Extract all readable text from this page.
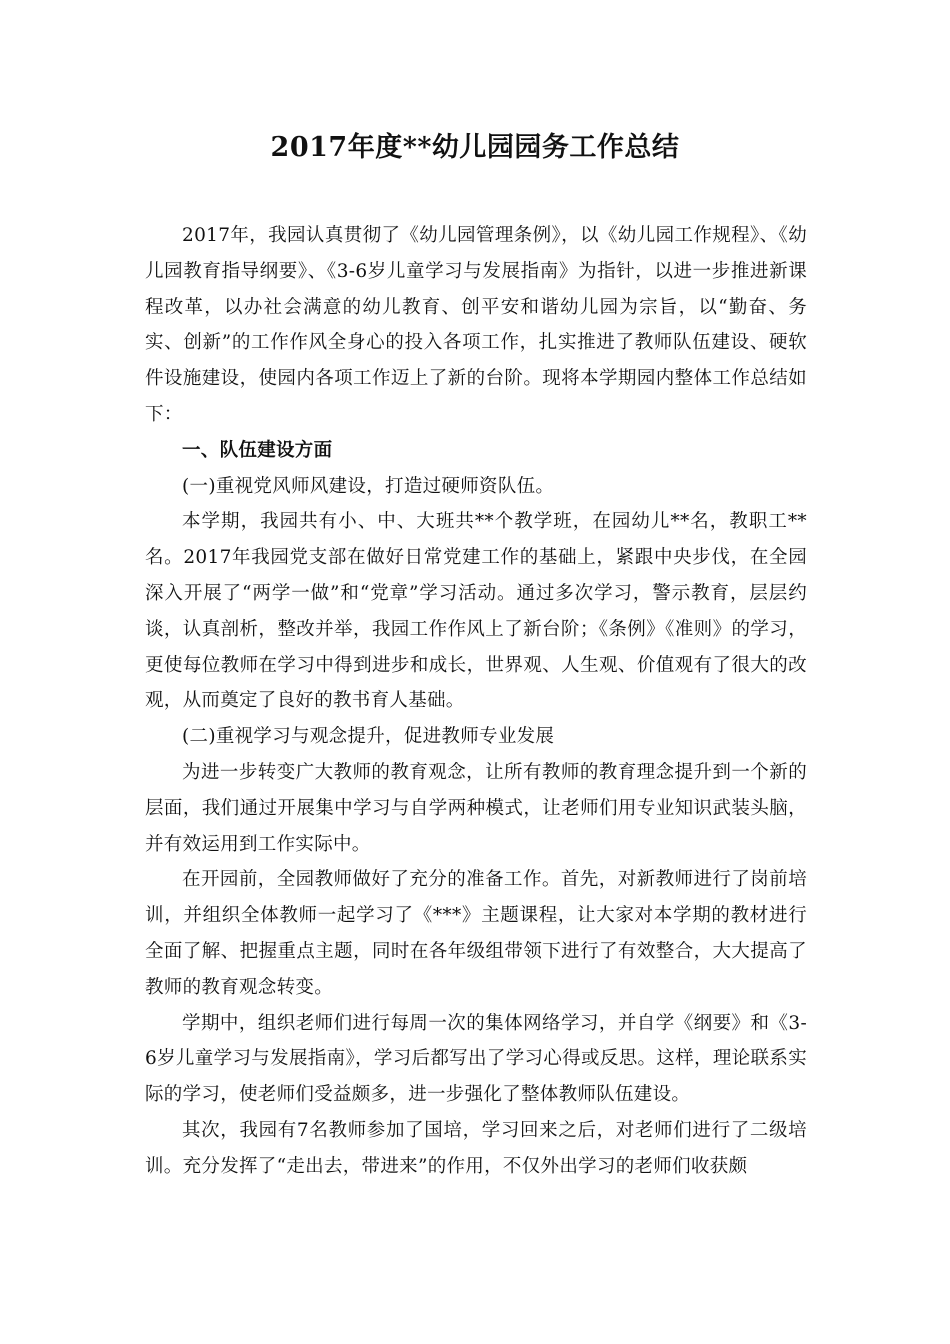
2017年度**幼儿园园务工作总结

2017年，我园认真贯彻了《幼儿园管理条例》，以《幼儿园工作规程》、《幼儿园教育指导纲要》、《3-6岁儿童学习与发展指南》为指针，以进一步推进新课程改革，以办社会满意的幼儿教育、创平安和谐幼儿园为宗旨，以“勤奋、务实、创新”的工作作风全身心的投入各项工作，扎实推进了教师队伍建设、硬软件设施建设，使园内各项工作迈上了新的台阶。现将本学期园内整体工作总结如下：

一、队伍建设方面

(一)重视党风师风建设，打造过硬师资队伍。

本学期，我园共有小、中、大班共**个教学班，在园幼儿**名，教职工**名。2017年我园党支部在做好日常党建工作的基础上，紧跟中央步伐，在全园深入开展了“两学一做”和“党章”学习活动。通过多次学习，警示教育，层层约谈，认真剖析，整改并举，我园工作作风上了新台阶；《条例》《准则》的学习，更使每位教师在学习中得到进步和成长，世界观、人生观、价值观有了很大的改观，从而奠定了良好的教书育人基础。

(二)重视学习与观念提升，促进教师专业发展

为进一步转变广大教师的教育观念，让所有教师的教育理念提升到一个新的层面，我们通过开展集中学习与自学两种模式，让老师们用专业知识武装头脑，并有效运用到工作实际中。

在开园前，全园教师做好了充分的准备工作。首先，对新教师进行了岗前培训，并组织全体教师一起学习了《***》主题课程，让大家对本学期的教材进行全面了解、把握重点主题，同时在各年级组带领下进行了有效整合，大大提高了教师的教育观念转变。

学期中，组织老师们进行每周一次的集体网络学习，并自学《纲要》和《3-6岁儿童学习与发展指南》，学习后都写出了学习心得或反思。这样，理论联系实际的学习，使老师们受益颇多，进一步强化了整体教师队伍建设。

其次，我园有7名教师参加了国培，学习回来之后，对老师们进行了二级培训。充分发挥了“走出去，带进来”的作用，不仅外出学习的老师们收获颇
